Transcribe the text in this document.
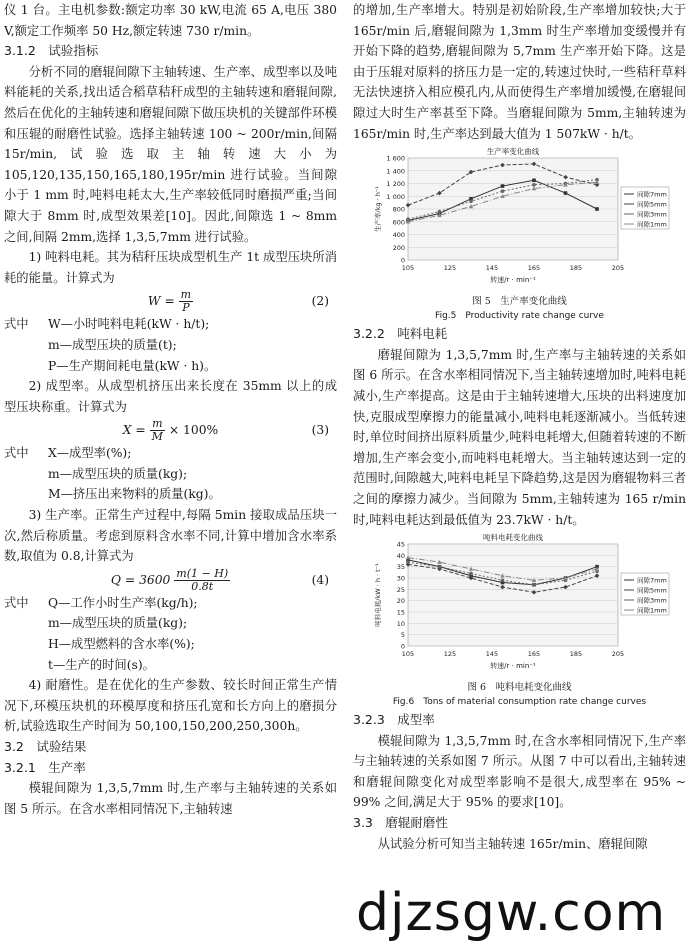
仪 1 台。主电机参数:额定功率 30 kW,电流 65 A,电压 380 V,额定工作频率 50 Hz,额定转速 730 r/min。

3.1.2　试验指标

分析不同的磨辊间隙下主轴转速、生产率、成型率以及吨料能耗的关系,找出适合稻草秸秆成型的主轴转速和磨辊间隙,然后在优化的主轴转速和磨辊间隙下做压块机的关键部件环模和压辊的耐磨性试验。选择主轴转速 100 ~ 200r/min,间隔 15r/min,试验选取主轴转速大小为 105,120,135,150,165,180,195r/min 进行试验。当间隙小于 1 mm 时,吨料电耗太大,生产率较低同时磨损严重;当间隙大于 8mm 时,成型效果差[10]。因此,间隙选 1 ~ 8mm 之间,间隔 2mm,选择 1,3,5,7mm 进行试验。

1) 吨料电耗。其为秸秆压块成型机生产 1t 成型压块所消耗的能量。计算式为

$W = \frac{m}{P}$	(2)

式中 W—小时吨料电耗(kW · h/t);

m—成型压块的质量(t);

P—生产期间耗电量(kW · h)。

2) 成型率。从成型机挤压出来长度在 35mm 以上的成型压块称重。计算式为

$X = \frac{m}{M} \times 100\%$	(3)

式中 X—成型率(%);

m—成型压块的质量(kg);

M—挤压出来物料的质量(kg)。

3) 生产率。正常生产过程中,每隔 5min 接取成品压块一次,然后称质量。考虑到原料含水率不同,计算中增加含水率系数,取值为 0.8,计算式为

$Q = 3600 \frac{m(1 - H)}{0.8t}$	(4)

式中 Q—工作小时生产率(kg/h);

m—成型压块的质量(kg);

H—成型燃料的含水率(%);

t—生产的时间(s)。

4) 耐磨性。是在优化的生产参数、较长时间正常生产情况下,环模压块机的环模厚度和挤压孔宽和长方向上的磨损分析,试验选取生产时间为 50,100,150,200,250,300h。

3.2　试验结果

3.2.1　生产率

模辊间隙为 1,3,5,7mm 时,生产率与主轴转速的关系如图 5 所示。在含水率相同情况下,主轴转速

的增加,生产率增大。特别是初始阶段,生产率增加较快;大于 165r/min 后,磨辊间隙为 1,3mm 时生产率增加变缓慢并有开始下降的趋势,磨辊间隙为 5,7mm 生产率开始下降。这是由于压辊对原料的挤压力是一定的,转速过快时,一些秸秆草料无法快速挤入相应模孔内,从而使得生产率增加缓慢,在磨辊间隙过大时生产率甚至下降。当磨辊间隙为 5mm,主轴转速为 165r/min 时,生产率达到最大值为 1 507kW · h/t。

生产率变化曲线
0
200
400
600
800
1 000
1 200
1 400
1 600
105	125	145	165	185	205
转速/r · min⁻¹
生产率/kg · h⁻¹	间隙7mm
间隙5mm
间隙3mm
间隙1mm

图 5　生产率变化曲线

Fig.5　Productivity rate change curve

3.2.2　吨料电耗

磨辊间隙为 1,3,5,7mm 时,生产率与主轴转速的关系如图 6 所示。在含水率相同情况下,当主轴转速增加时,吨料电耗减小,生产率提高。这是由于主轴转速增大,压块的出料速度加快,克服成型摩擦力的能量减小,吨料电耗逐渐减小。当低转速时,单位时间挤出原料质量少,吨料电耗增大,但随着转速的不断增加,生产率会变小,而吨料电耗增大。当主轴转速达到一定的范围时,间隙越大,吨料电耗呈下降趋势,这是因为磨辊物料三者之间的摩擦力减少。当间隙为 5mm,主轴转速为 165 r/min 时,吨料电耗达到最低值为 23.7kW · h/t。

吨料电耗变化曲线
0
5
10
15
20
25
30
35
40
45
105	125	145	165	185	205
转速/r · min⁻¹
吨料电耗/kW · h · t⁻¹	间隙7mm
间隙5mm
间隙3mm
间隙1mm

图 6　吨料电耗变化曲线

Fig.6　Tons of material consumption rate change curves

3.2.3　成型率

模辊间隙为 1,3,5,7mm 时,在含水率相同情况下,生产率与主轴转速的关系如图 7 所示。从图 7 中可以看出,主轴转速和磨辊间隙变化对成型率影响不是很大,成型率在 95% ~ 99% 之间,满足大于 95% 的要求[10]。

3.3　磨辊耐磨性

从试验分析可知当主轴转速 165r/min、磨辊间隙

djzsgw.com
